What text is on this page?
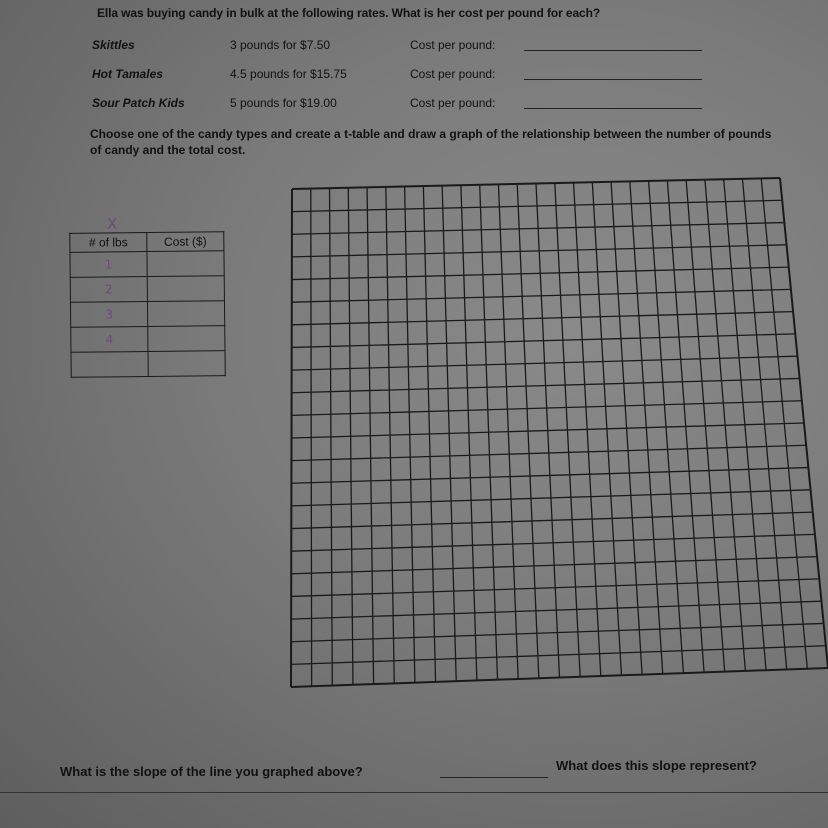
Ella was buying candy in bulk at the following rates. What is her cost per pound for each?
Skittles	3 pounds for $7.50	Cost per pound:
Hot Tamales	4.5 pounds for $15.75	Cost per pound:
Sour Patch Kids	5 pounds for $19.00	Cost per pound:
Choose one of the candy types and create a t-table and draw a graph of the relationship between the number of pounds of candy and the total cost.
X
# of lbs	Cost ($)
1	
2	
3	
4	

What is the slope of the line you graphed above?	What does this slope represent?
